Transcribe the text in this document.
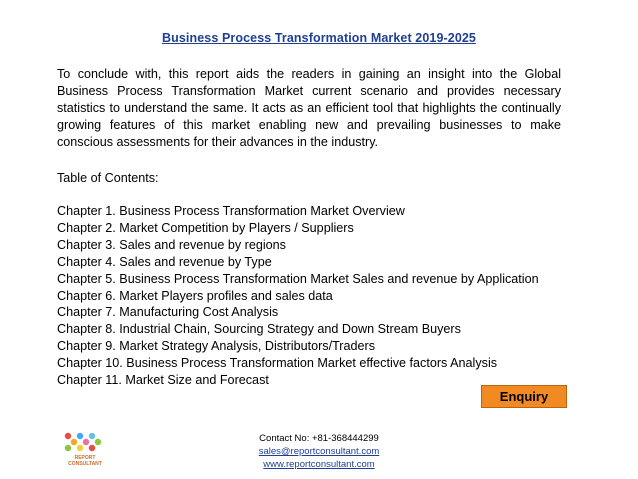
Business Process Transformation Market 2019-2025

To conclude with, this report aids the readers in gaining an insight into the Global Business Process Transformation Market current scenario and provides necessary statistics to understand the same. It acts as an efficient tool that highlights the continually growing features of this market enabling new and prevailing businesses to make conscious assessments for their advances in the industry.

Table of Contents:

Chapter 1. Business Process Transformation Market Overview
Chapter 2. Market Competition by Players / Suppliers
Chapter 3. Sales and revenue by regions
Chapter 4. Sales and revenue by Type
Chapter 5. Business Process Transformation Market Sales and revenue by Application
Chapter 6. Market Players profiles and sales data
Chapter 7. Manufacturing Cost Analysis
Chapter 8. Industrial Chain, Sourcing Strategy and Down Stream Buyers
Chapter 9. Market Strategy Analysis, Distributors/Traders
Chapter 10. Business Process Transformation Market effective factors Analysis
Chapter 11. Market Size and Forecast
Enquiry
REPORT
CONSULTANT
Contact No: +81-368444299
sales@reportconsultant.com
www.reportconsultant.com
